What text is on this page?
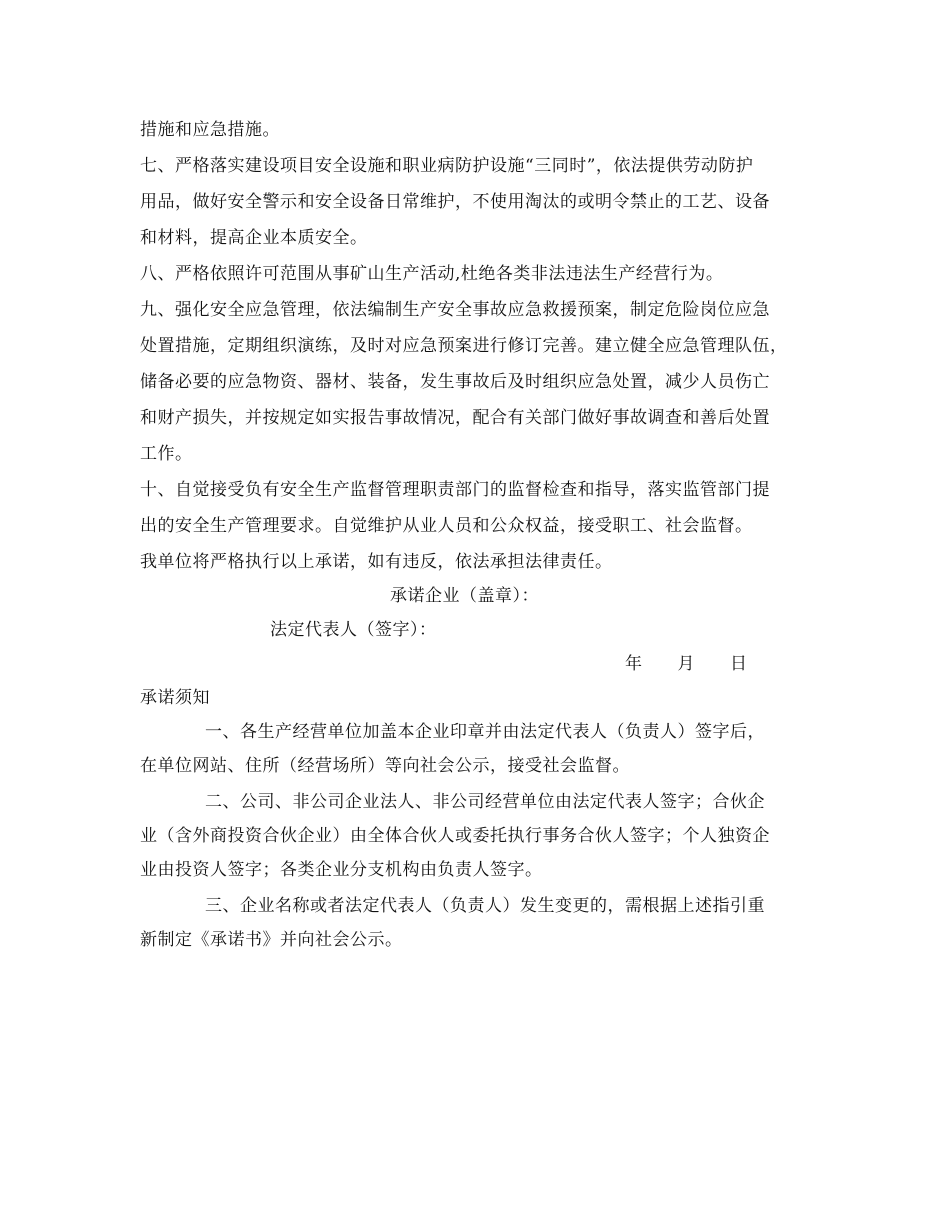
措施和应急措施。
七、严格落实建设项目安全设施和职业病防护设施“三同时”，依法提供劳动防护
用品，做好安全警示和安全设备日常维护，不使用淘汰的或明令禁止的工艺、设备
和材料，提高企业本质安全。
八、严格依照许可范围从事矿山生产活动,杜绝各类非法违法生产经营行为。
九、强化安全应急管理，依法编制生产安全事故应急救援预案，制定危险岗位应急
处置措施，定期组织演练，及时对应急预案进行修订完善。建立健全应急管理队伍，
储备必要的应急物资、器材、装备，发生事故后及时组织应急处置，减少人员伤亡
和财产损失，并按规定如实报告事故情况，配合有关部门做好事故调查和善后处置
工作。
十、自觉接受负有安全生产监督管理职责部门的监督检查和指导，落实监管部门提
出的安全生产管理要求。自觉维护从业人员和公众权益，接受职工、社会监督。
我单位将严格执行以上承诺，如有违反，依法承担法律责任。
承诺企业（盖章）：
法定代表人（签字）：
年　　月　　日
承诺须知
一、各生产经营单位加盖本企业印章并由法定代表人（负责人）签字后，
在单位网站、住所（经营场所）等向社会公示，接受社会监督。
二、公司、非公司企业法人、非公司经营单位由法定代表人签字；合伙企
业（含外商投资合伙企业）由全体合伙人或委托执行事务合伙人签字；个人独资企
业由投资人签字；各类企业分支机构由负责人签字。
三、企业名称或者法定代表人（负责人）发生变更的，需根据上述指引重
新制定《承诺书》并向社会公示。
